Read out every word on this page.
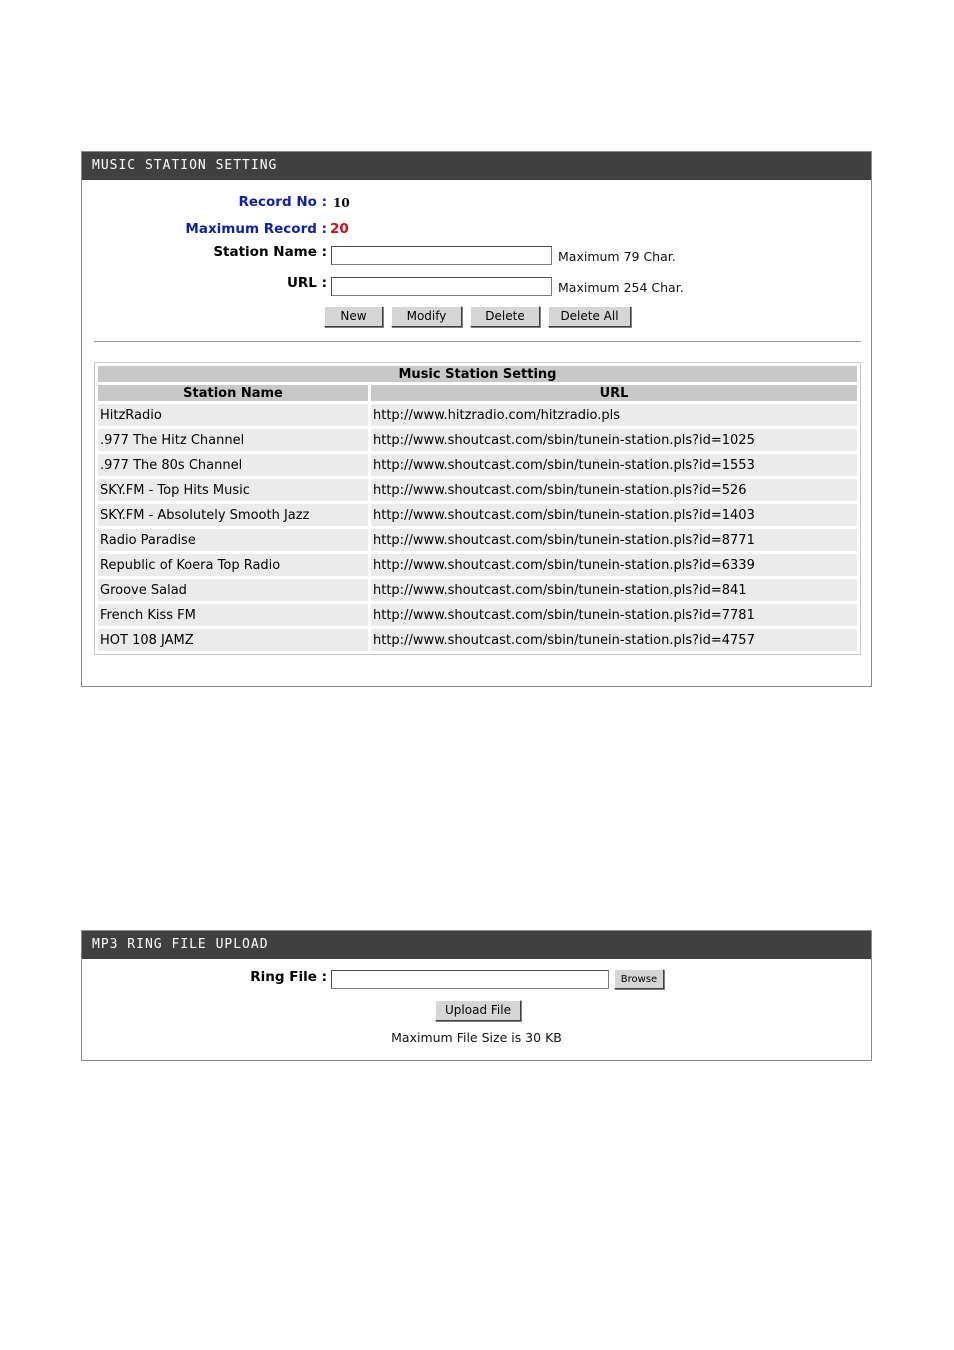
MUSIC STATION SETTING
Record No : 10
Maximum Record : 20
Station Name :	Maximum 79 Char.
URL :	Maximum 254 Char.
New	Modify	Delete	Delete All
Music Station Setting	
Station Name	URL
HitzRadio	http://www.hitzradio.com/hitzradio.pls
.977 The Hitz Channel	http://www.shoutcast.com/sbin/tunein-station.pls?id=1025
.977 The 80s Channel	http://www.shoutcast.com/sbin/tunein-station.pls?id=1553
SKY.FM - Top Hits Music	http://www.shoutcast.com/sbin/tunein-station.pls?id=526
SKY.FM - Absolutely Smooth Jazz	http://www.shoutcast.com/sbin/tunein-station.pls?id=1403
Radio Paradise	http://www.shoutcast.com/sbin/tunein-station.pls?id=8771
Republic of Koera Top Radio	http://www.shoutcast.com/sbin/tunein-station.pls?id=6339
Groove Salad	http://www.shoutcast.com/sbin/tunein-station.pls?id=841
French Kiss FM	http://www.shoutcast.com/sbin/tunein-station.pls?id=7781
HOT 108 JAMZ	http://www.shoutcast.com/sbin/tunein-station.pls?id=4757
MP3 RING FILE UPLOAD
Ring File :	Browse
Upload File
Maximum File Size is 30 KB
